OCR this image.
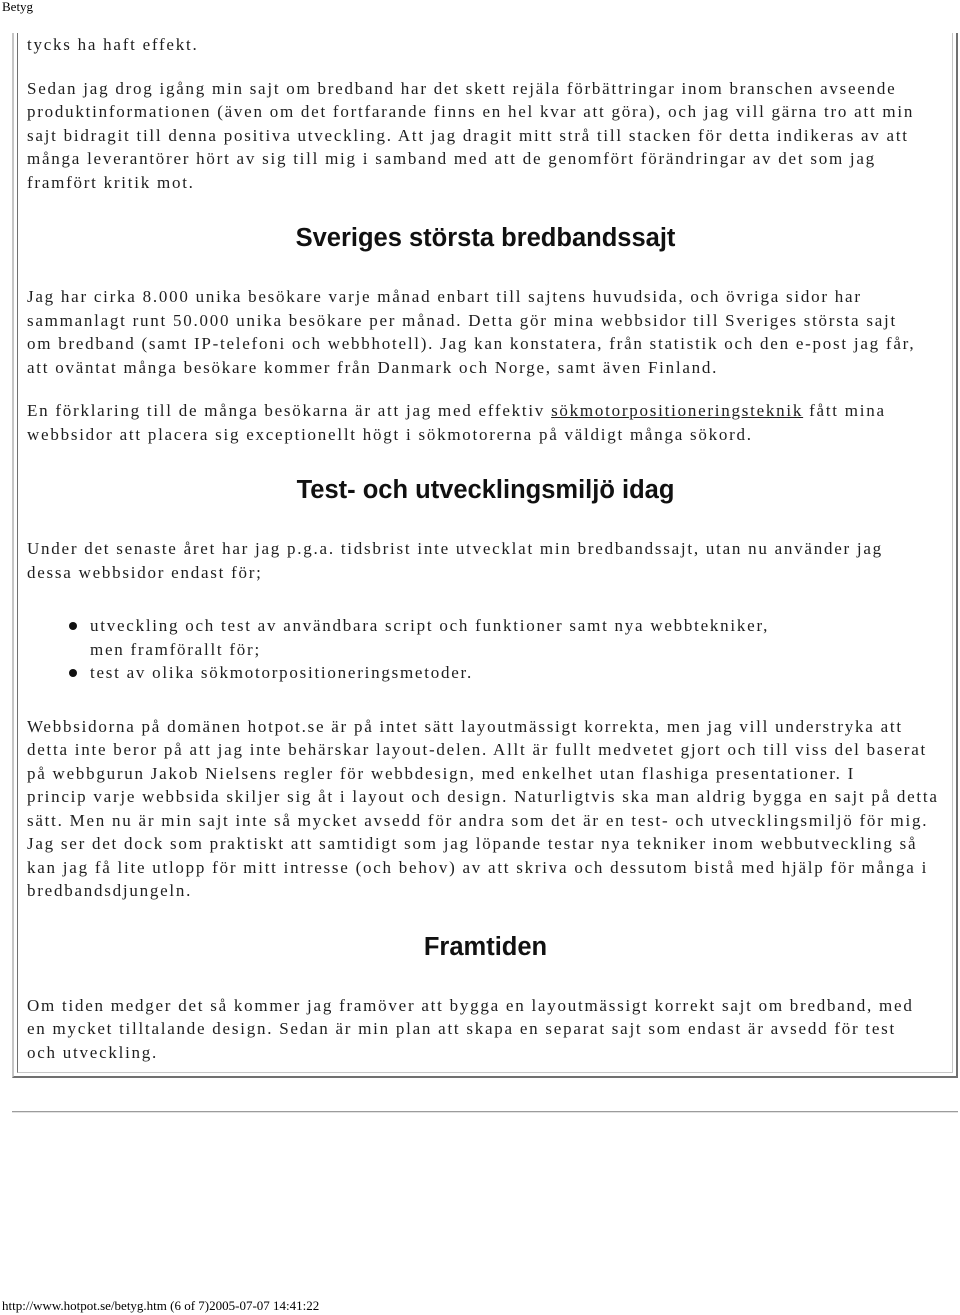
Betyg
tycks ha haft effekt.
Sedan jag drog igång min sajt om bredband har det skett rejäla förbättringar inom branschen avseende
produktinformationen (även om det fortfarande finns en hel kvar att göra), och jag vill gärna tro att min
sajt bidragit till denna positiva utveckling. Att jag dragit mitt strå till stacken för detta indikeras av att
många leverantörer hört av sig till mig i samband med att de genomfört förändringar av det som jag
framfört kritik mot.
Sveriges största bredbandssajt
Jag har cirka 8.000 unika besökare varje månad enbart till sajtens huvudsida, och övriga sidor har
sammanlagt runt 50.000 unika besökare per månad. Detta gör mina webbsidor till Sveriges största sajt
om bredband (samt IP-telefoni och webbhotell). Jag kan konstatera, från statistik och den e-post jag får,
att oväntat många besökare kommer från Danmark och Norge, samt även Finland.
En förklaring till de många besökarna är att jag med effektiv sökmotorpositioneringsteknik fått mina
webbsidor att placera sig exceptionellt högt i sökmotorerna på väldigt många sökord.
Test- och utvecklingsmiljö idag
Under det senaste året har jag p.g.a. tidsbrist inte utvecklat min bredbandssajt, utan nu använder jag
dessa webbsidor endast för;
utveckling och test av användbara script och funktioner samt nya webbtekniker,
men framförallt för;
test av olika sökmotorpositioneringsmetoder.
Webbsidorna på domänen hotpot.se är på intet sätt layoutmässigt korrekta, men jag vill understryka att
detta inte beror på att jag inte behärskar layout-delen. Allt är fullt medvetet gjort och till viss del baserat
på webbgurun Jakob Nielsens regler för webbdesign, med enkelhet utan flashiga presentationer. I
princip varje webbsida skiljer sig åt i layout och design. Naturligtvis ska man aldrig bygga en sajt på detta
sätt. Men nu är min sajt inte så mycket avsedd för andra som det är en test- och utvecklingsmiljö för mig.
Jag ser det dock som praktiskt att samtidigt som jag löpande testar nya tekniker inom webbutveckling så
kan jag få lite utlopp för mitt intresse (och behov) av att skriva och dessutom bistå med hjälp för många i
bredbandsdjungeln.
Framtiden
Om tiden medger det så kommer jag framöver att bygga en layoutmässigt korrekt sajt om bredband, med
en mycket tilltalande design. Sedan är min plan att skapa en separat sajt som endast är avsedd för test
och utveckling.
http://www.hotpot.se/betyg.htm (6 of 7)2005-07-07 14:41:22
